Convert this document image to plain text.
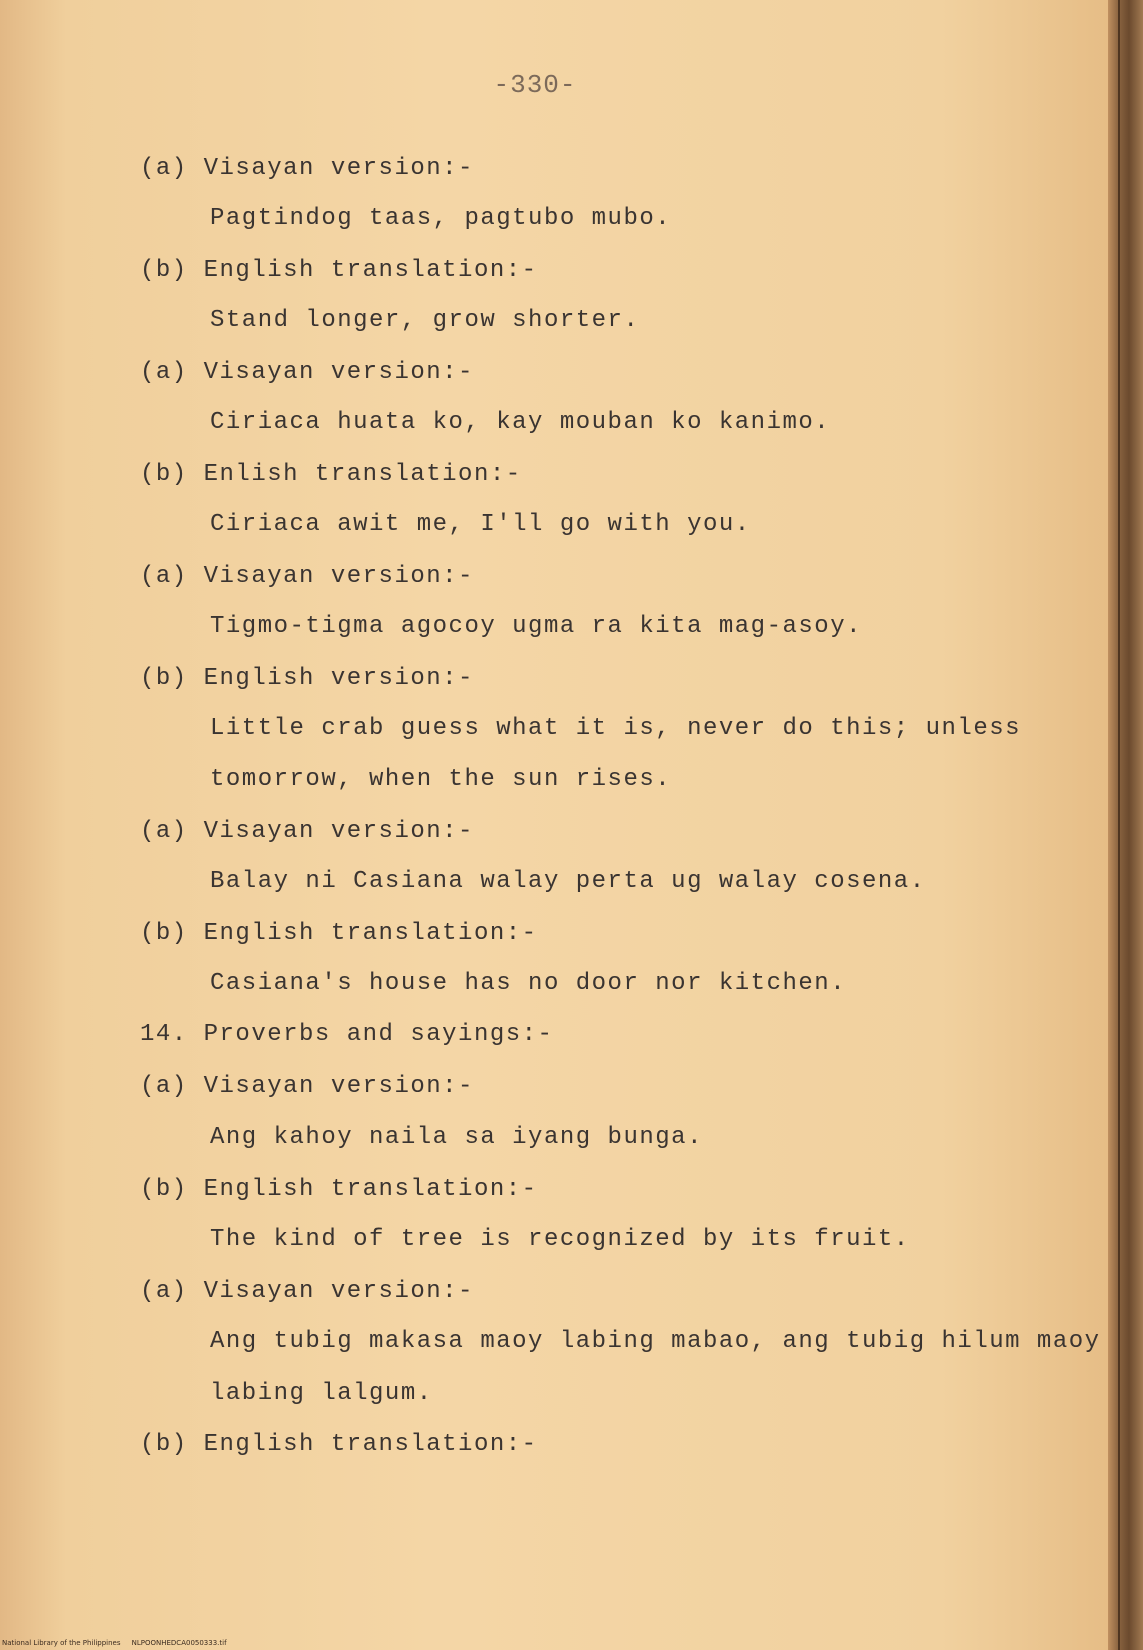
-330-
(a) Visayan version:-
Pagtindog taas, pagtubo mubo.
(b) English translation:-
Stand longer, grow shorter.
(a) Visayan version:-
Ciriaca huata ko, kay mouban ko kanimo.
(b) Enlish translation:-
Ciriaca awit me, I'll go with you.
(a) Visayan version:-
Tigmo-tigma agocoy ugma ra kita mag-asoy.
(b) English version:-
Little crab guess what it is, never do this; unless
tomorrow, when the sun rises.
(a) Visayan version:-
Balay ni Casiana walay perta ug walay cosena.
(b) English translation:-
Casiana's house has no door nor kitchen.
14. Proverbs and sayings:-
(a) Visayan version:-
Ang kahoy naila sa iyang bunga.
(b) English translation:-
The kind of tree is recognized by its fruit.
(a) Visayan version:-
Ang tubig makasa maoy labing mabao, ang tubig hilum maoy
labing lalgum.
(b) English translation:-
National Library of the Philippines     NLPOONHEDCA0050333.tif
